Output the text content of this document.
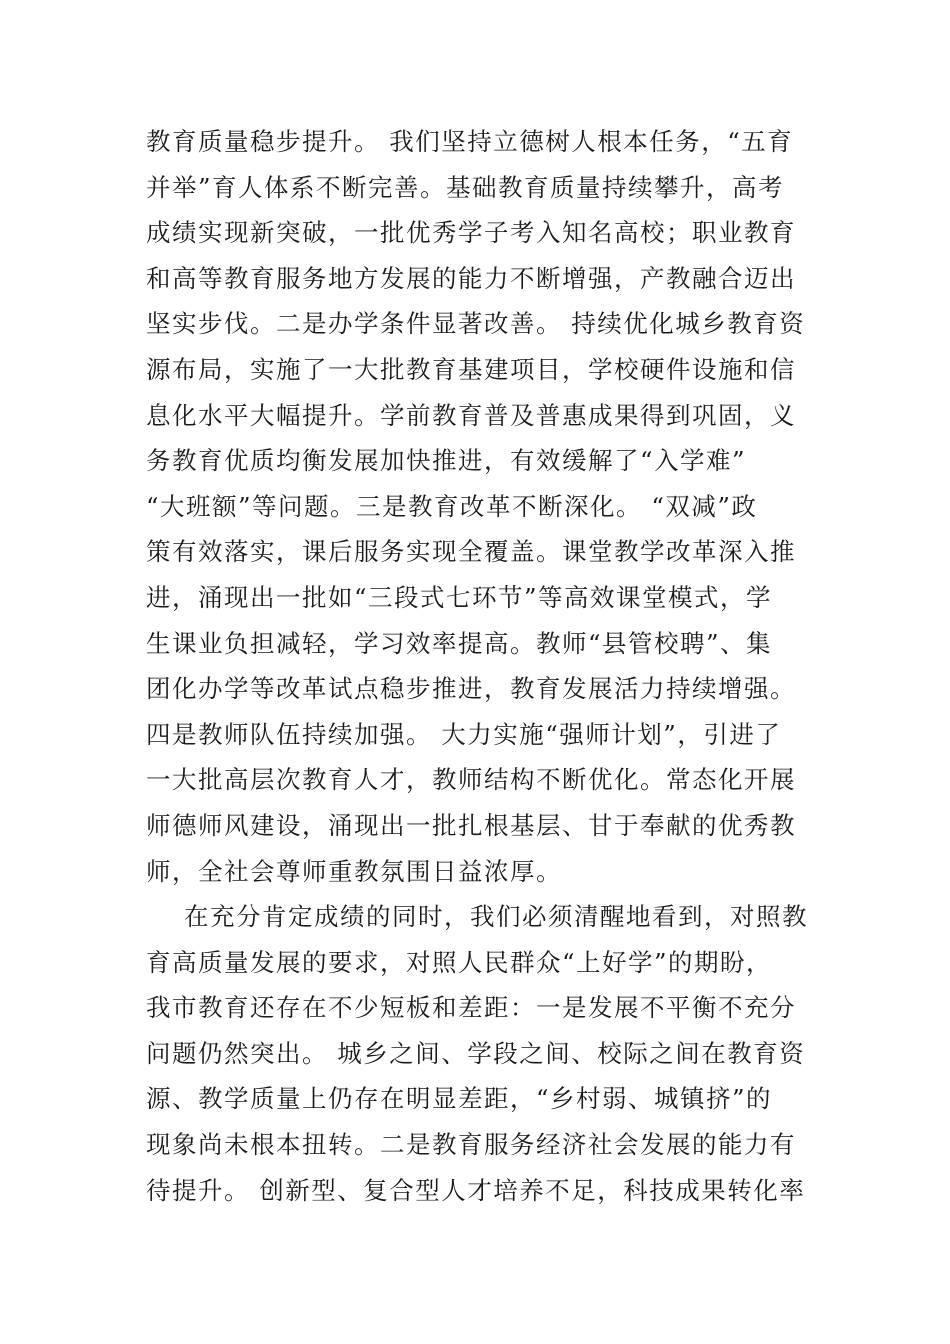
教育质量稳步提升。 我们坚持立德树人根本任务，“五育
并举”育人体系不断完善。基础教育质量持续攀升，高考
成绩实现新突破，一批优秀学子考入知名高校；职业教育
和高等教育服务地方发展的能力不断增强，产教融合迈出
坚实步伐。二是办学条件显著改善。 持续优化城乡教育资
源布局，实施了一大批教育基建项目，学校硬件设施和信
息化水平大幅提升。学前教育普及普惠成果得到巩固，义
务教育优质均衡发展加快推进，有效缓解了“入学难”
“大班额”等问题。三是教育改革不断深化。 “双减”政
策有效落实，课后服务实现全覆盖。课堂教学改革深入推
进，涌现出一批如“三段式七环节”等高效课堂模式，学
生课业负担减轻，学习效率提高。教师“县管校聘”、集
团化办学等改革试点稳步推进，教育发展活力持续增强。
四是教师队伍持续加强。 大力实施“强师计划”，引进了
一大批高层次教育人才，教师结构不断优化。常态化开展
师德师风建设，涌现出一批扎根基层、甘于奉献的优秀教
师，全社会尊师重教氛围日益浓厚。
在充分肯定成绩的同时，我们必须清醒地看到，对照教
育高质量发展的要求，对照人民群众“上好学”的期盼，
我市教育还存在不少短板和差距：一是发展不平衡不充分
问题仍然突出。 城乡之间、学段之间、校际之间在教育资
源、教学质量上仍存在明显差距，“乡村弱、城镇挤”的
现象尚未根本扭转。二是教育服务经济社会发展的能力有
待提升。 创新型、复合型人才培养不足，科技成果转化率
